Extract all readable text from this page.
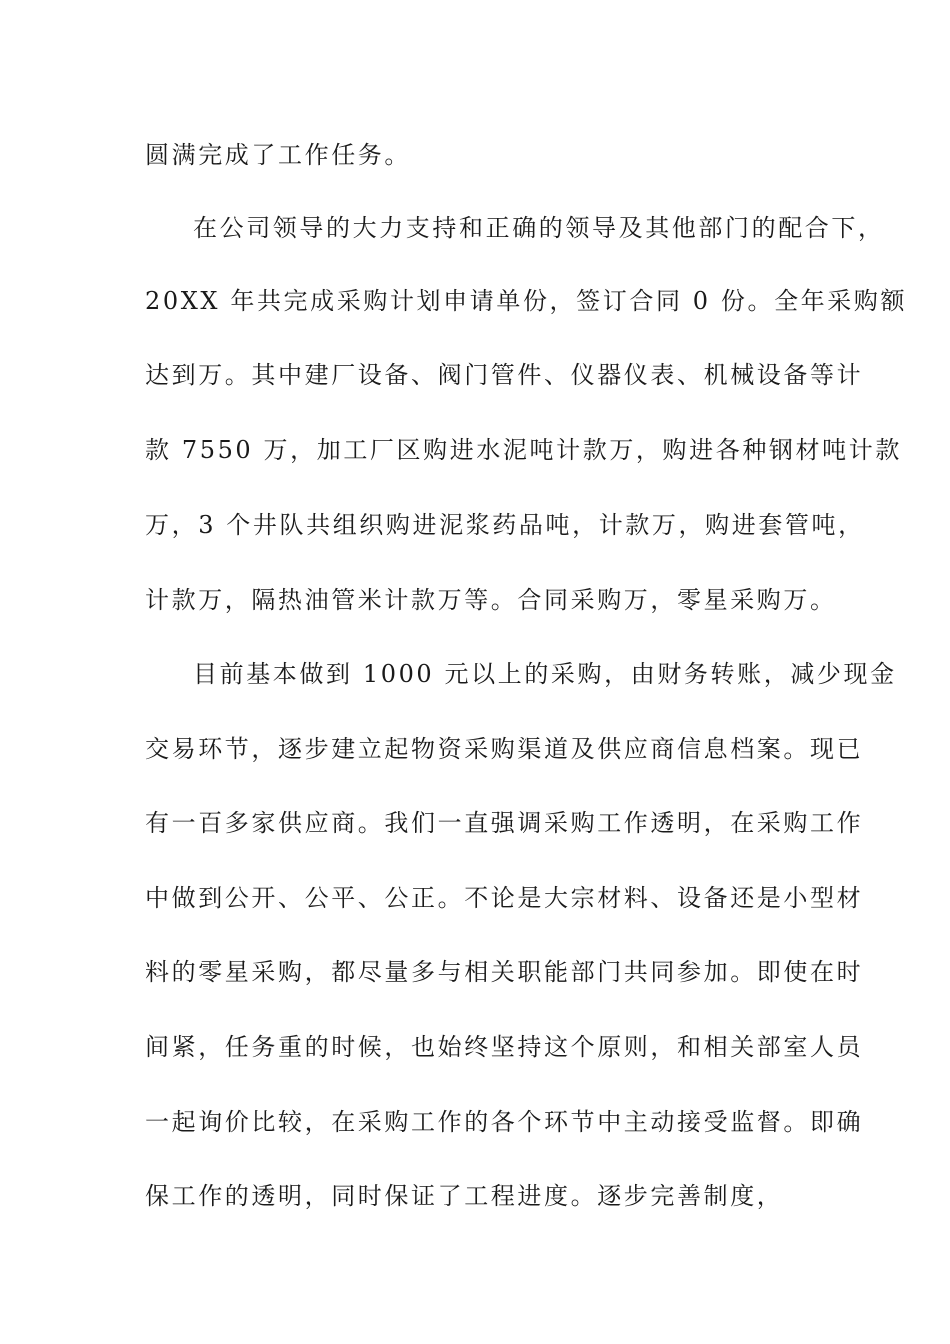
圆满完成了工作任务。
在公司领导的大力支持和正确的领导及其他部门的配合下，
20XX 年共完成采购计划申请单份，签订合同 0 份。全年采购额
达到万。其中建厂设备、阀门管件、仪器仪表、机械设备等计
款 7550 万，加工厂区购进水泥吨计款万，购进各种钢材吨计款
万，3 个井队共组织购进泥浆药品吨，计款万，购进套管吨，
计款万，隔热油管米计款万等。合同采购万，零星采购万。
目前基本做到 1000 元以上的采购，由财务转账，减少现金
交易环节，逐步建立起物资采购渠道及供应商信息档案。现已
有一百多家供应商。我们一直强调采购工作透明，在采购工作
中做到公开、公平、公正。不论是大宗材料、设备还是小型材
料的零星采购，都尽量多与相关职能部门共同参加。即使在时
间紧，任务重的时候，也始终坚持这个原则，和相关部室人员
一起询价比较，在采购工作的各个环节中主动接受监督。即确
保工作的透明，同时保证了工程进度。逐步完善制度，
